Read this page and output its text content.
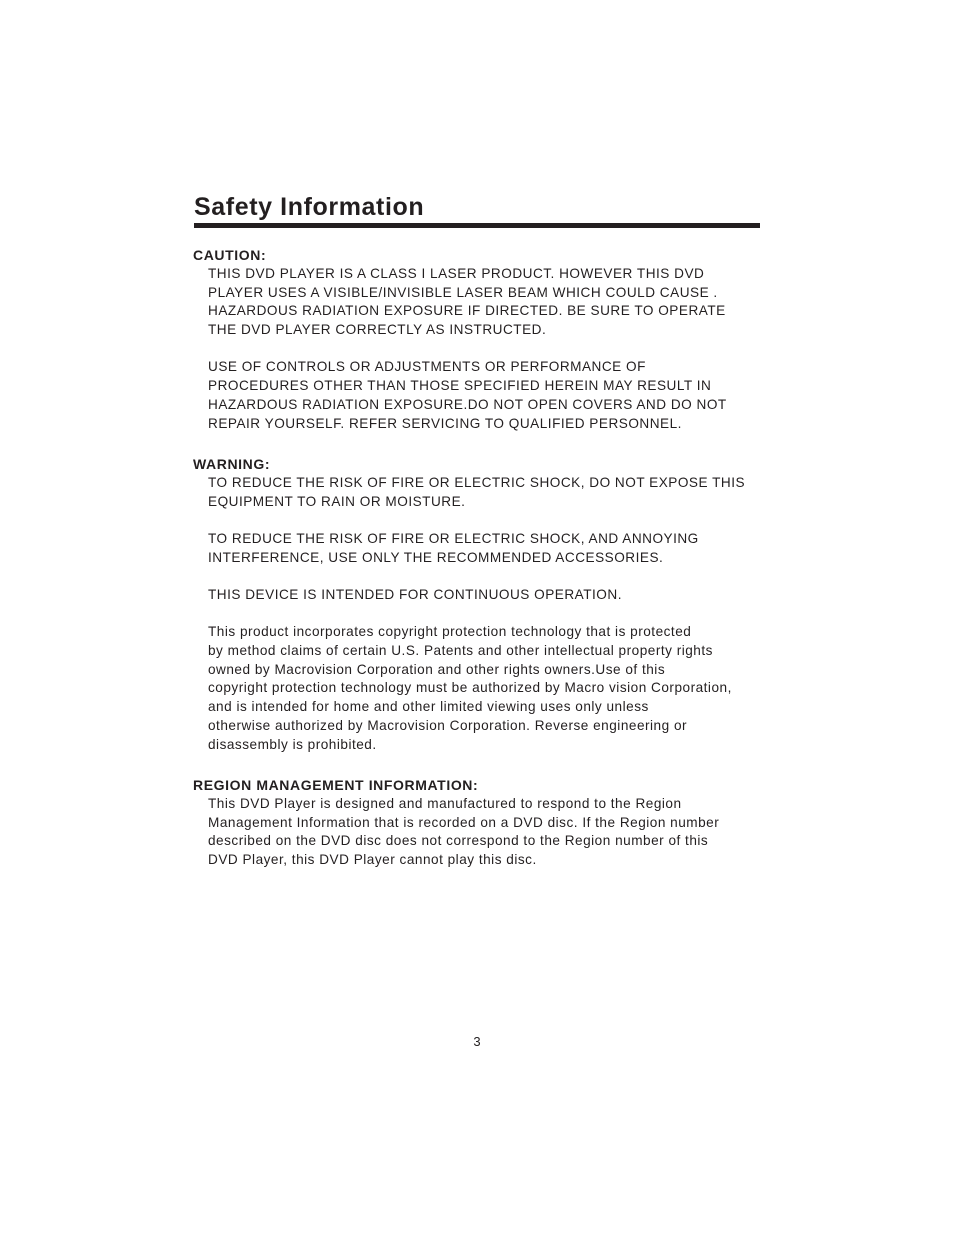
Safety Information
CAUTION:

THIS DVD PLAYER IS A CLASS I LASER PRODUCT. HOWEVER THIS DVD
PLAYER USES A VISIBLE/INVISIBLE LASER BEAM WHICH COULD CAUSE .
HAZARDOUS RADIATION EXPOSURE IF DIRECTED. BE SURE TO OPERATE
THE DVD PLAYER CORRECTLY AS INSTRUCTED.

USE OF CONTROLS OR ADJUSTMENTS OR PERFORMANCE OF
PROCEDURES OTHER THAN THOSE SPECIFIED HEREIN MAY RESULT IN
HAZARDOUS RADIATION EXPOSURE.DO NOT OPEN COVERS AND DO NOT
REPAIR YOURSELF. REFER SERVICING TO QUALIFIED PERSONNEL.

WARNING:

TO REDUCE THE RISK OF FIRE OR ELECTRIC SHOCK, DO NOT EXPOSE THIS
EQUIPMENT TO RAIN OR MOISTURE.

TO REDUCE THE RISK OF FIRE OR ELECTRIC SHOCK, AND ANNOYING
INTERFERENCE, USE ONLY THE RECOMMENDED ACCESSORIES.

THIS DEVICE IS INTENDED FOR CONTINUOUS OPERATION.

This product incorporates copyright protection technology that is protected
by method claims of certain U.S. Patents and other intellectual property rights
owned by Macrovision Corporation and other rights owners.Use of this
copyright protection technology must be authorized by Macro vision Corporation,
and is intended for home and other limited viewing uses only unless
otherwise authorized by Macrovision Corporation. Reverse engineering or
disassembly is prohibited.

REGION MANAGEMENT INFORMATION:

This DVD Player is designed and manufactured to respond to the Region
Management Information that is recorded on a DVD disc. If the Region number
described on the DVD disc does not correspond to the Region number of this
DVD Player, this DVD Player cannot play this disc.

3
